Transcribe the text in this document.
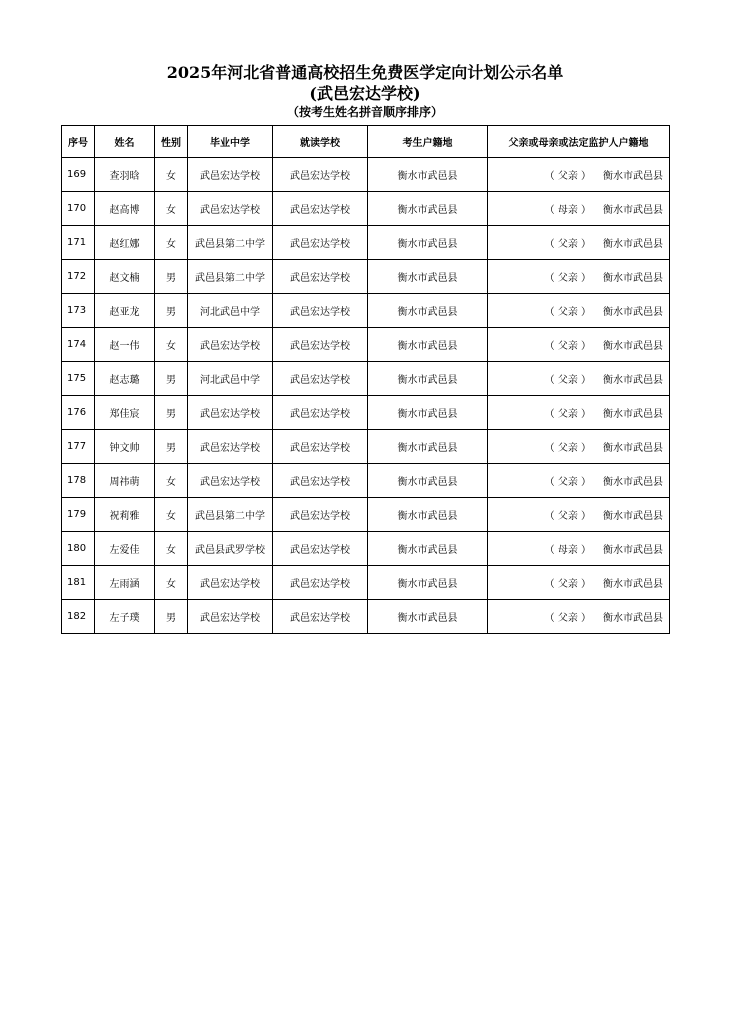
2025年河北省普通高校招生免费医学定向计划公示名单
(武邑宏达学校)
（按考生姓名拼音顺序排序）
序号	姓名	性别	毕业中学	就读学校	考生户籍地	父亲或母亲或法定监护人户籍地
169	查羽晗	女	武邑宏达学校	武邑宏达学校	衡水市武邑县	（ 父亲 ） 衡水市武邑县
170	赵高博	女	武邑宏达学校	武邑宏达学校	衡水市武邑县	（ 母亲 ） 衡水市武邑县
171	赵红娜	女	武邑县第二中学	武邑宏达学校	衡水市武邑县	（ 父亲 ） 衡水市武邑县
172	赵文楠	男	武邑县第二中学	武邑宏达学校	衡水市武邑县	（ 父亲 ） 衡水市武邑县
173	赵亚龙	男	河北武邑中学	武邑宏达学校	衡水市武邑县	（ 父亲 ） 衡水市武邑县
174	赵一伟	女	武邑宏达学校	武邑宏达学校	衡水市武邑县	（ 父亲 ） 衡水市武邑县
175	赵志璐	男	河北武邑中学	武邑宏达学校	衡水市武邑县	（ 父亲 ） 衡水市武邑县
176	郑佳宸	男	武邑宏达学校	武邑宏达学校	衡水市武邑县	（ 父亲 ） 衡水市武邑县
177	钟文帅	男	武邑宏达学校	武邑宏达学校	衡水市武邑县	（ 父亲 ） 衡水市武邑县
178	周祎萌	女	武邑宏达学校	武邑宏达学校	衡水市武邑县	（ 父亲 ） 衡水市武邑县
179	祝莉雅	女	武邑县第二中学	武邑宏达学校	衡水市武邑县	（ 父亲 ） 衡水市武邑县
180	左爱佳	女	武邑县武罗学校	武邑宏达学校	衡水市武邑县	（ 母亲 ） 衡水市武邑县
181	左雨涵	女	武邑宏达学校	武邑宏达学校	衡水市武邑县	（ 父亲 ） 衡水市武邑县
182	左子璞	男	武邑宏达学校	武邑宏达学校	衡水市武邑县	（ 父亲 ） 衡水市武邑县
